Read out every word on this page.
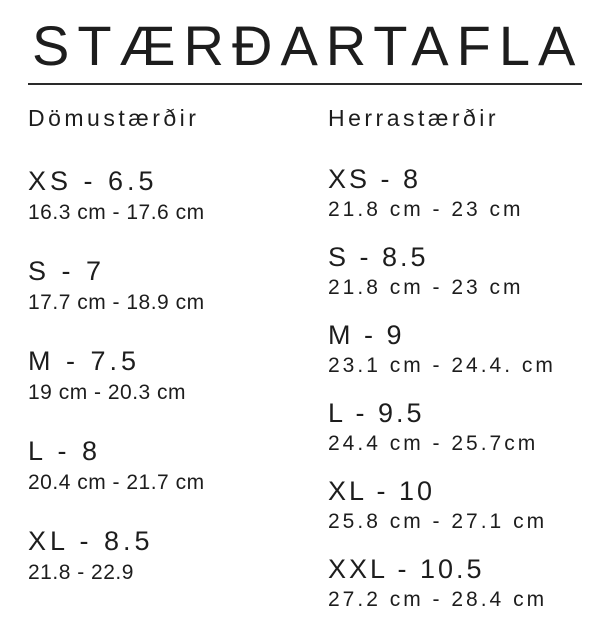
STÆRÐARTAFLA
Dömustærðir
XS - 6.5
16.3 cm - 17.6 cm
S - 7
17.7 cm - 18.9 cm
M - 7.5
19 cm - 20.3 cm
L - 8
20.4 cm - 21.7 cm
XL - 8.5
21.8 - 22.9
Herrastærðir
XS - 8
21.8 cm - 23 cm
S - 8.5
21.8 cm - 23 cm
M - 9
23.1 cm - 24.4. cm
L - 9.5
24.4 cm - 25.7cm
XL - 10
25.8 cm - 27.1 cm
XXL - 10.5
27.2 cm - 28.4 cm
